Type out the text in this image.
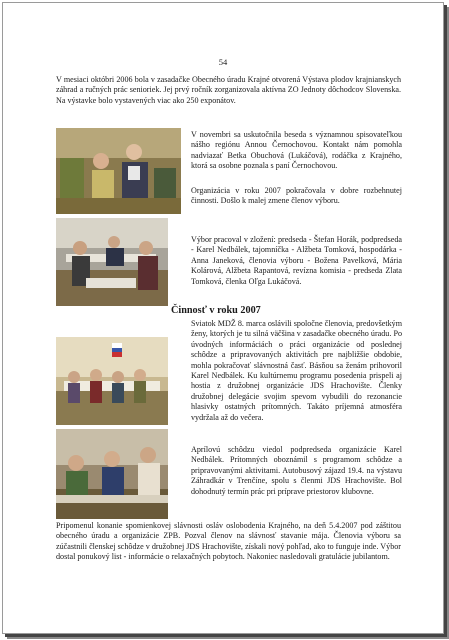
54
V mesiaci októbri 2006 bola v zasadačke Obecného úradu Krajné otvorená Výstava plodov krajnianskych záhrad a ručných prác senioriek. Jej prvý ročník zorganizovala aktívna ZO Jednoty dôchodcov Slovenska. Na výstavke bolo vystavených viac ako 250 exponátov.
V novembri sa uskutočnila beseda s významnou spisovateľkou nášho regiónu Annou Černochovou. Kontakt nám pomohla nadviazať Betka Obuchová (Lukáčová), rodáčka z Krajného, ktorá sa osobne poznala s paní Černochovou.
Organizácia v roku 2007 pokračovala v dobre rozbehnutej činnosti. Došlo k malej zmene členov výboru.
Výbor pracoval v zložení: predseda - Štefan Horák, podpredseda - Karel Nedbálek, tajomníčka - Alžbeta Tomková, hospodárka - Anna Janeková, členovia výboru - Božena Pavelková, Mária Kolárová, Alžbeta Rapantová, revízna komisia - predseda Zlata Tomková, členka Oľga Lukáčová.
Činnosť v roku 2007
Sviatok MDŽ 8. marca oslávili spoločne členovia, predovšetkým ženy, ktorých je tu silná väčšina v zasadačke obecného úradu. Po úvodných informáciách o práci organizácie od poslednej schôdze a pripravovaných aktivitách pre najbližšie obdobie, mohla pokračovať slávnostná časť. Básňou sa ženám prihovoril Karel Nedbálek. Ku kultúrnemu programu posedenia prispeli aj hostia z družobnej organizácie JDS Hrachovište. Členky družobnej delegácie svojim spevom vybudili do rezonancie hlasivky ostatných prítomných. Takáto príjemná atmosféra vydržala až do večera.
Aprílovú schôdzu viedol podpredseda organizácie Karel Nedbálek. Prítomných oboznámil s programom schôdze a pripravovanými aktivitami. Autobusový zájazd 19.4. na výstavu Záhradkár v Trenčíne, spolu s členmi JDS Hrachovište. Bol dohodnutý termín prác pri príprave priestorov klubovne.
Pripomenul konanie spomienkovej slávnosti osláv oslobodenia Krajného, na deň 5.4.2007 pod záštitou obecného úradu a organizácie ZPB. Pozval členov na slávnosť stavanie mája. Členovia výboru sa zúčastnili členskej schôdze v družobnej JDS Hrachovište, získali nový pohľad, ako to funguje inde. Výbor dostal ponukový list - informácie o relaxačných pobytoch. Nakoniec nasledovali gratulácie jubilantom.
